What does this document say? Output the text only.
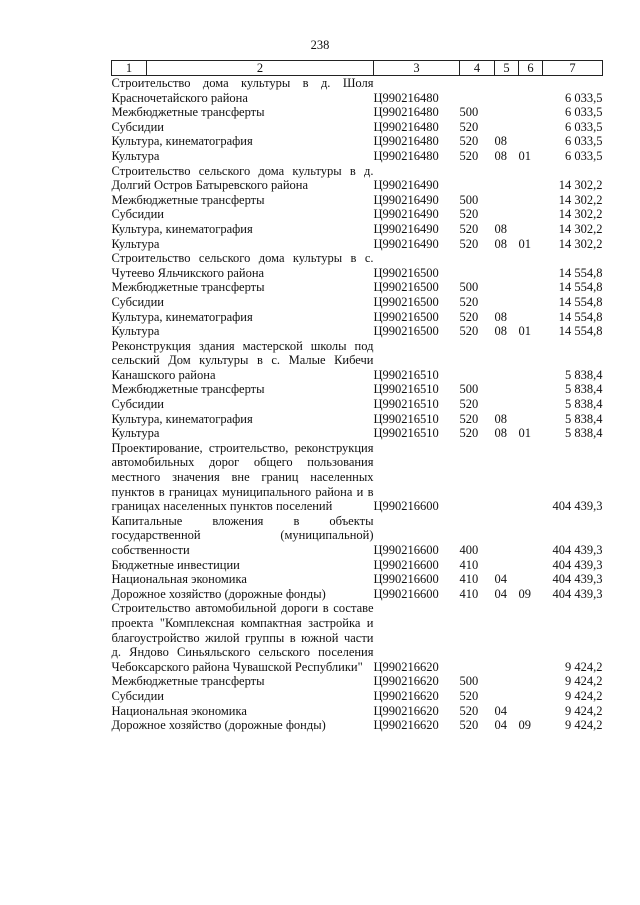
238
1	2	3	4	5	6	7
Строительство дома культуры в д. Шоля Красночетайского района		Ц990216480				6 033,5
Межбюджетные трансферты		Ц990216480	500			6 033,5
Субсидии		Ц990216480	520			6 033,5
Культура, кинематография		Ц990216480	520	08		6 033,5
Культура		Ц990216480	520	08	01	6 033,5
Строительство сельского дома культуры в д. Долгий Остров Батыревского района		Ц990216490				14 302,2
Межбюджетные трансферты		Ц990216490	500			14 302,2
Субсидии		Ц990216490	520			14 302,2
Культура, кинематография		Ц990216490	520	08		14 302,2
Культура		Ц990216490	520	08	01	14 302,2
Строительство сельского дома культуры в с. Чутеево Яльчикского района		Ц990216500				14 554,8
Межбюджетные трансферты		Ц990216500	500			14 554,8
Субсидии		Ц990216500	520			14 554,8
Культура, кинематография		Ц990216500	520	08		14 554,8
Культура		Ц990216500	520	08	01	14 554,8
Реконструкция здания мастерской школы под сельский Дом культуры в с. Малые Кибечи Канашского района		Ц990216510				5 838,4
Межбюджетные трансферты		Ц990216510	500			5 838,4
Субсидии		Ц990216510	520			5 838,4
Культура, кинематография		Ц990216510	520	08		5 838,4
Культура		Ц990216510	520	08	01	5 838,4
Проектирование, строительство, реконструкция автомобильных дорог общего пользования местного значения вне границ населенных пунктов в границах муниципального района и в границах населенных пунктов поселений		Ц990216600				404 439,3
Капитальные вложения в объекты государственной (муниципальной) собственности		Ц990216600	400			404 439,3
Бюджетные инвестиции		Ц990216600	410			404 439,3
Национальная экономика		Ц990216600	410	04		404 439,3
Дорожное хозяйство (дорожные фонды)		Ц990216600	410	04	09	404 439,3
Строительство автомобильной дороги в составе проекта "Комплексная компактная застройка и благоустройство жилой группы в южной части д. Яндово Синьяльского сельского поселения Чебоксарского района Чувашской Республики"		Ц990216620				9 424,2
Межбюджетные трансферты		Ц990216620	500			9 424,2
Субсидии		Ц990216620	520			9 424,2
Национальная экономика		Ц990216620	520	04		9 424,2
Дорожное хозяйство (дорожные фонды)		Ц990216620	520	04	09	9 424,2
